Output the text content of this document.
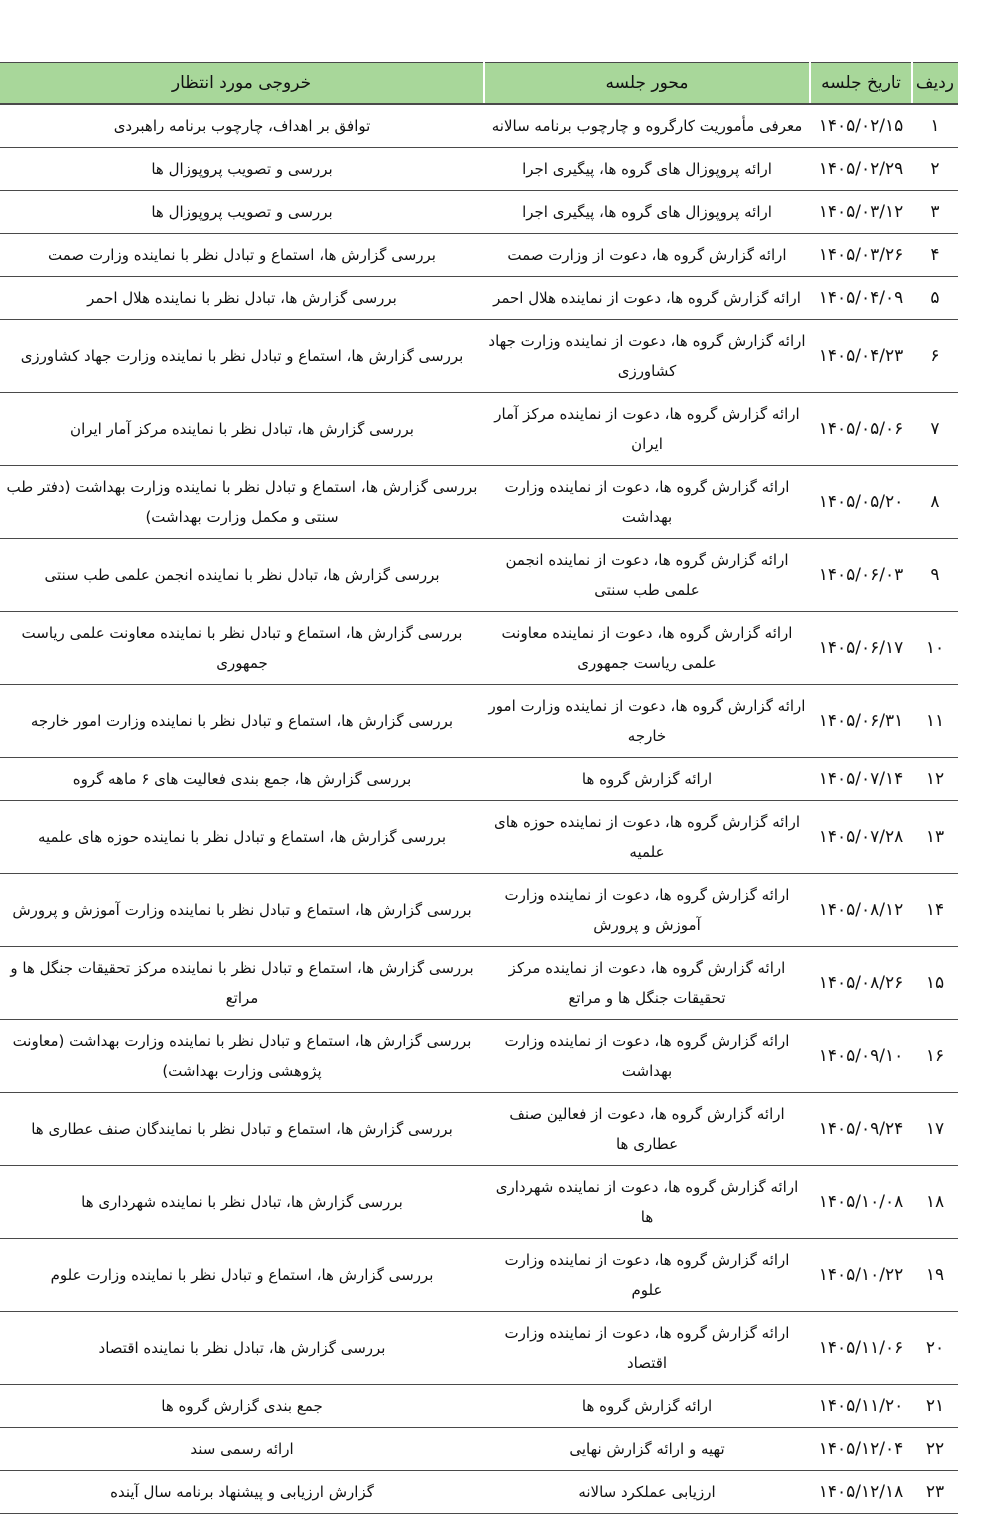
ردیف	تاریخ جلسه	محور جلسه	خروجی مورد انتظار
۱	۱۴۰۵/۰۲/۱۵	معرفی مأموریت کارگروه و چارچوب برنامه سالانه	توافق بر اهداف، چارچوب برنامه راهبردی
۲	۱۴۰۵/۰۲/۲۹	ارائه پروپوزال های گروه ها، پیگیری اجرا	بررسی و تصویب پروپوزال ها
۳	۱۴۰۵/۰۳/۱۲	ارائه پروپوزال های گروه ها، پیگیری اجرا	بررسی و تصویب پروپوزال ها
۴	۱۴۰۵/۰۳/۲۶	ارائه گزارش گروه ها، دعوت از وزارت صمت	بررسی گزارش ها، استماع و تبادل نظر با نماینده وزارت صمت
۵	۱۴۰۵/۰۴/۰۹	ارائه گزارش گروه ها، دعوت از نماینده هلال احمر	بررسی گزارش ها، تبادل نظر با نماینده هلال احمر
۶	۱۴۰۵/۰۴/۲۳	ارائه گزارش گروه ها، دعوت از نماینده وزارت جهاد کشاورزی	بررسی گزارش ها، استماع و تبادل نظر با نماینده وزارت جهاد کشاورزی
۷	۱۴۰۵/۰۵/۰۶	ارائه گزارش گروه ها، دعوت از نماینده مرکز آمار ایران	بررسی گزارش ها، تبادل نظر با نماینده مرکز آمار ایران
۸	۱۴۰۵/۰۵/۲۰	ارائه گزارش گروه ها، دعوت از نماینده وزارت بهداشت	بررسی گزارش ها، استماع و تبادل نظر با نماینده وزارت بهداشت (دفتر طب سنتی و مکمل وزارت بهداشت)
۹	۱۴۰۵/۰۶/۰۳	ارائه گزارش گروه ها، دعوت از نماینده انجمن علمی طب سنتی	بررسی گزارش ها، تبادل نظر با نماینده انجمن علمی طب سنتی
۱۰	۱۴۰۵/۰۶/۱۷	ارائه گزارش گروه ها، دعوت از نماینده معاونت علمی ریاست جمهوری	بررسی گزارش ها، استماع و تبادل نظر با نماینده معاونت علمی ریاست جمهوری
۱۱	۱۴۰۵/۰۶/۳۱	ارائه گزارش گروه ها، دعوت از نماینده وزارت امور خارجه	بررسی گزارش ها، استماع و تبادل نظر با نماینده وزارت امور خارجه
۱۲	۱۴۰۵/۰۷/۱۴	ارائه گزارش گروه ها	بررسی گزارش ها، جمع بندی فعالیت های ۶ ماهه گروه
۱۳	۱۴۰۵/۰۷/۲۸	ارائه گزارش گروه ها، دعوت از نماینده حوزه های علمیه	بررسی گزارش ها، استماع و تبادل نظر با نماینده حوزه های علمیه
۱۴	۱۴۰۵/۰۸/۱۲	ارائه گزارش گروه ها، دعوت از نماینده وزارت آموزش و پرورش	بررسی گزارش ها، استماع و تبادل نظر با نماینده وزارت آموزش و پرورش
۱۵	۱۴۰۵/۰۸/۲۶	ارائه گزارش گروه ها، دعوت از نماینده مرکز تحقیقات جنگل ها و مراتع	بررسی گزارش ها، استماع و تبادل نظر با نماینده مرکز تحقیقات جنگل ها و مراتع
۱۶	۱۴۰۵/۰۹/۱۰	ارائه گزارش گروه ها، دعوت از نماینده وزارت بهداشت	بررسی گزارش ها، استماع و تبادل نظر با نماینده وزارت بهداشت (معاونت پژوهشی وزارت بهداشت)
۱۷	۱۴۰۵/۰۹/۲۴	ارائه گزارش گروه ها، دعوت از فعالین صنف عطاری ها	بررسی گزارش ها، استماع و تبادل نظر با نمایندگان صنف عطاری ها
۱۸	۱۴۰۵/۱۰/۰۸	ارائه گزارش گروه ها، دعوت از نماینده شهرداری ها	بررسی گزارش ها، تبادل نظر با نماینده شهرداری ها
۱۹	۱۴۰۵/۱۰/۲۲	ارائه گزارش گروه ها، دعوت از نماینده وزارت علوم	بررسی گزارش ها، استماع و تبادل نظر با نماینده وزارت علوم
۲۰	۱۴۰۵/۱۱/۰۶	ارائه گزارش گروه ها، دعوت از نماینده وزارت اقتصاد	بررسی گزارش ها، تبادل نظر با نماینده اقتصاد
۲۱	۱۴۰۵/۱۱/۲۰	ارائه گزارش گروه ها	جمع بندی گزارش گروه ها
۲۲	۱۴۰۵/۱۲/۰۴	تهیه و ارائه گزارش نهایی	ارائه رسمی سند
۲۳	۱۴۰۵/۱۲/۱۸	ارزیابی عملکرد سالانه	گزارش ارزیابی و پیشنهاد برنامه سال آینده
